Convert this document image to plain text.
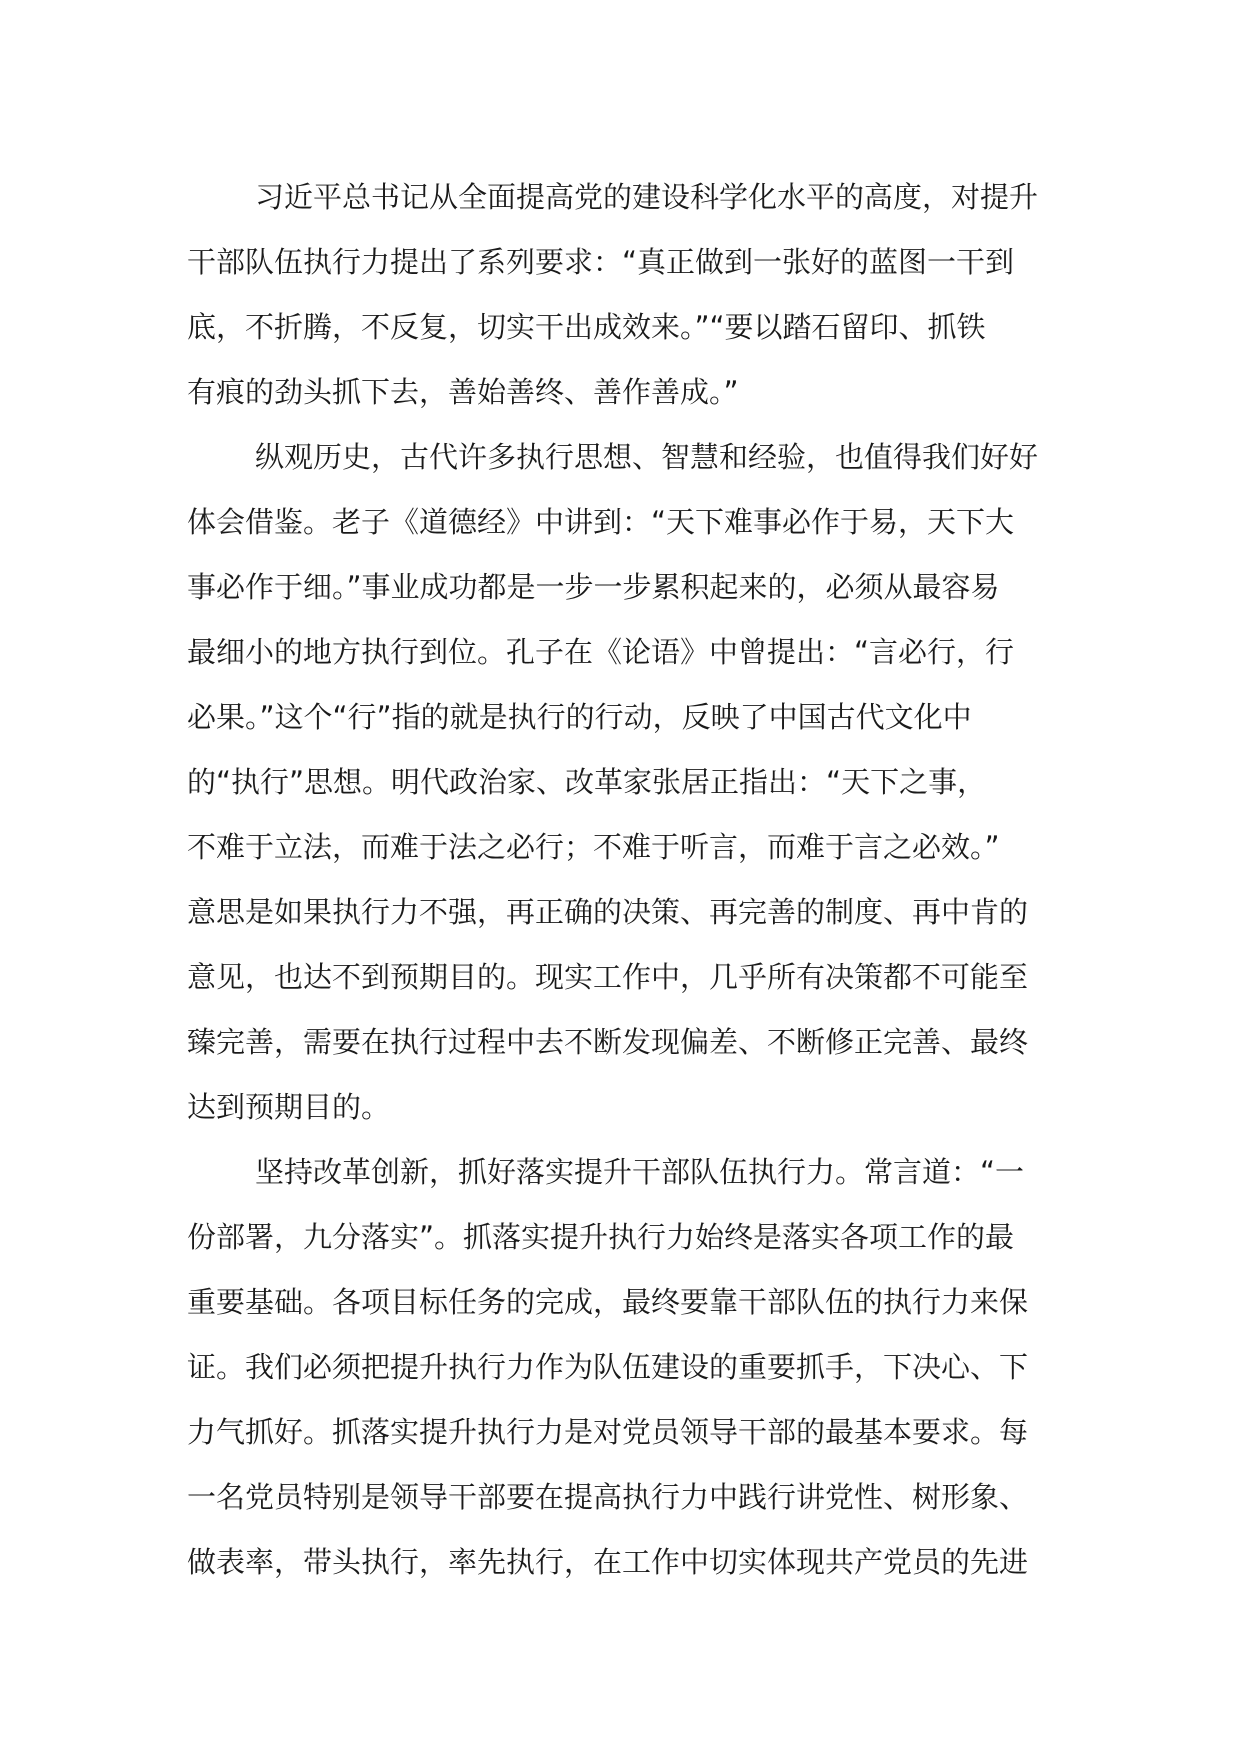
习近平总书记从全面提高党的建设科学化水平的高度，对提升
干部队伍执行力提出了系列要求：“真正做到一张好的蓝图一干到
底，不折腾，不反复，切实干出成效来。”“要以踏石留印、抓铁
有痕的劲头抓下去，善始善终、善作善成。”
纵观历史，古代许多执行思想、智慧和经验，也值得我们好好
体会借鉴。老子《道德经》中讲到：“天下难事必作于易，天下大
事必作于细。”事业成功都是一步一步累积起来的，必须从最容易
最细小的地方执行到位。孔子在《论语》中曾提出：“言必行，行
必果。”这个“行”指的就是执行的行动，反映了中国古代文化中
的“执行”思想。明代政治家、改革家张居正指出：“天下之事，
不难于立法，而难于法之必行；不难于听言，而难于言之必效。”
意思是如果执行力不强，再正确的决策、再完善的制度、再中肯的
意见，也达不到预期目的。现实工作中，几乎所有决策都不可能至
臻完善，需要在执行过程中去不断发现偏差、不断修正完善、最终
达到预期目的。
坚持改革创新，抓好落实提升干部队伍执行力。常言道：“一
份部署，九分落实”。抓落实提升执行力始终是落实各项工作的最
重要基础。各项目标任务的完成，最终要靠干部队伍的执行力来保
证。我们必须把提升执行力作为队伍建设的重要抓手，下决心、下
力气抓好。抓落实提升执行力是对党员领导干部的最基本要求。每
一名党员特别是领导干部要在提高执行力中践行讲党性、树形象、
做表率，带头执行，率先执行，在工作中切实体现共产党员的先进
